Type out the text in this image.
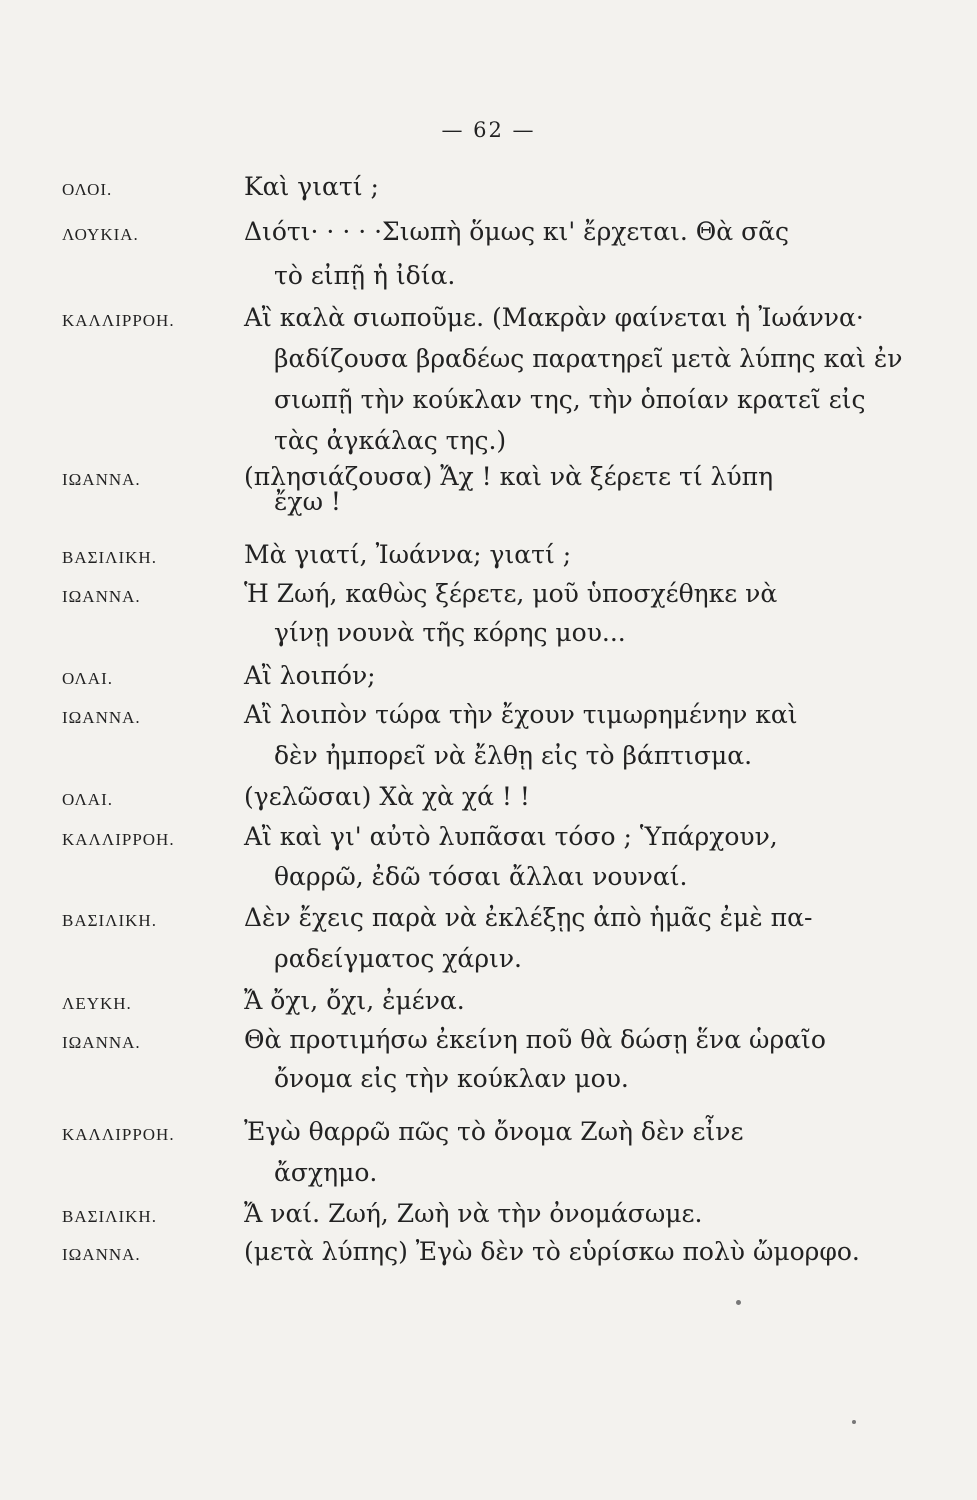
— 62 —
ΟΛΟΙ.	Καὶ γιατί ;
ΛΟΥΚΙΑ.	Διότι· · · · ·Σιωπὴ ὅμως κι' ἔρχεται. Θὰ σᾶς
τὸ εἰπῇ ἡ ἰδία.
ΚΑΛΛΙΡΡΟΗ.	Αἲ καλὰ σιωποῦμε. (Μακρὰν φαίνεται ἡ Ἰωάννα·
βαδίζουσα βραδέως παρατηρεῖ μετὰ λύπης καὶ ἐν
σιωπῇ τὴν κούκλαν της, τὴν ὁποίαν κρατεῖ εἰς
τὰς ἀγκάλας της.)
ΙΩΑΝΝΑ.	(πλησιάζουσα) Ἄχ ! καὶ νὰ ξέρετε τί λύπη
ἔχω !
ΒΑΣΙΛΙΚΗ.	Μὰ γιατί, Ἰωάννα; γιατί ;
ΙΩΑΝΝΑ.	Ἡ Ζωή, καθὼς ξέρετε, μοῦ ὑποσχέθηκε νὰ
γίνῃ νουνὰ τῆς κόρης μου...
ΟΛΑΙ.	Αἲ λοιπόν;
ΙΩΑΝΝΑ.	Αἲ λοιπὸν τώρα τὴν ἔχουν τιμωρημένην καὶ
δὲν ἠμπορεῖ νὰ ἔλθῃ εἰς τὸ βάπτισμα.
ΟΛΑΙ.	(γελῶσαι) Χὰ χὰ χά ! !
ΚΑΛΛΙΡΡΟΗ.	Αἲ καὶ γι' αὐτὸ λυπᾶσαι τόσο ; Ὑπάρχουν,
θαρρῶ, ἐδῶ τόσαι ἄλλαι νουναί.
ΒΑΣΙΛΙΚΗ.	Δὲν ἔχεις παρὰ νὰ ἐκλέξῃς ἀπὸ ἡμᾶς ἐμὲ πα-
ραδείγματος χάριν.
ΛΕΥΚΗ.	Ἄ ὄχι, ὄχι, ἐμένα.
ΙΩΑΝΝΑ.	Θὰ προτιμήσω ἐκείνη ποῦ θὰ δώσῃ ἕνα ὡραῖο
ὄνομα εἰς τὴν κούκλαν μου.
ΚΑΛΛΙΡΡΟΗ.	Ἐγὼ θαρρῶ πῶς τὸ ὄνομα Ζωὴ δὲν εἶνε
ἄσχημο.
ΒΑΣΙΛΙΚΗ.	Ἄ ναί. Ζωή, Ζωὴ νὰ τὴν ὀνομάσωμε.
ΙΩΑΝΝΑ.	(μετὰ λύπης) Ἐγὼ δὲν τὸ εὑρίσκω πολὺ ὤμορφο.
